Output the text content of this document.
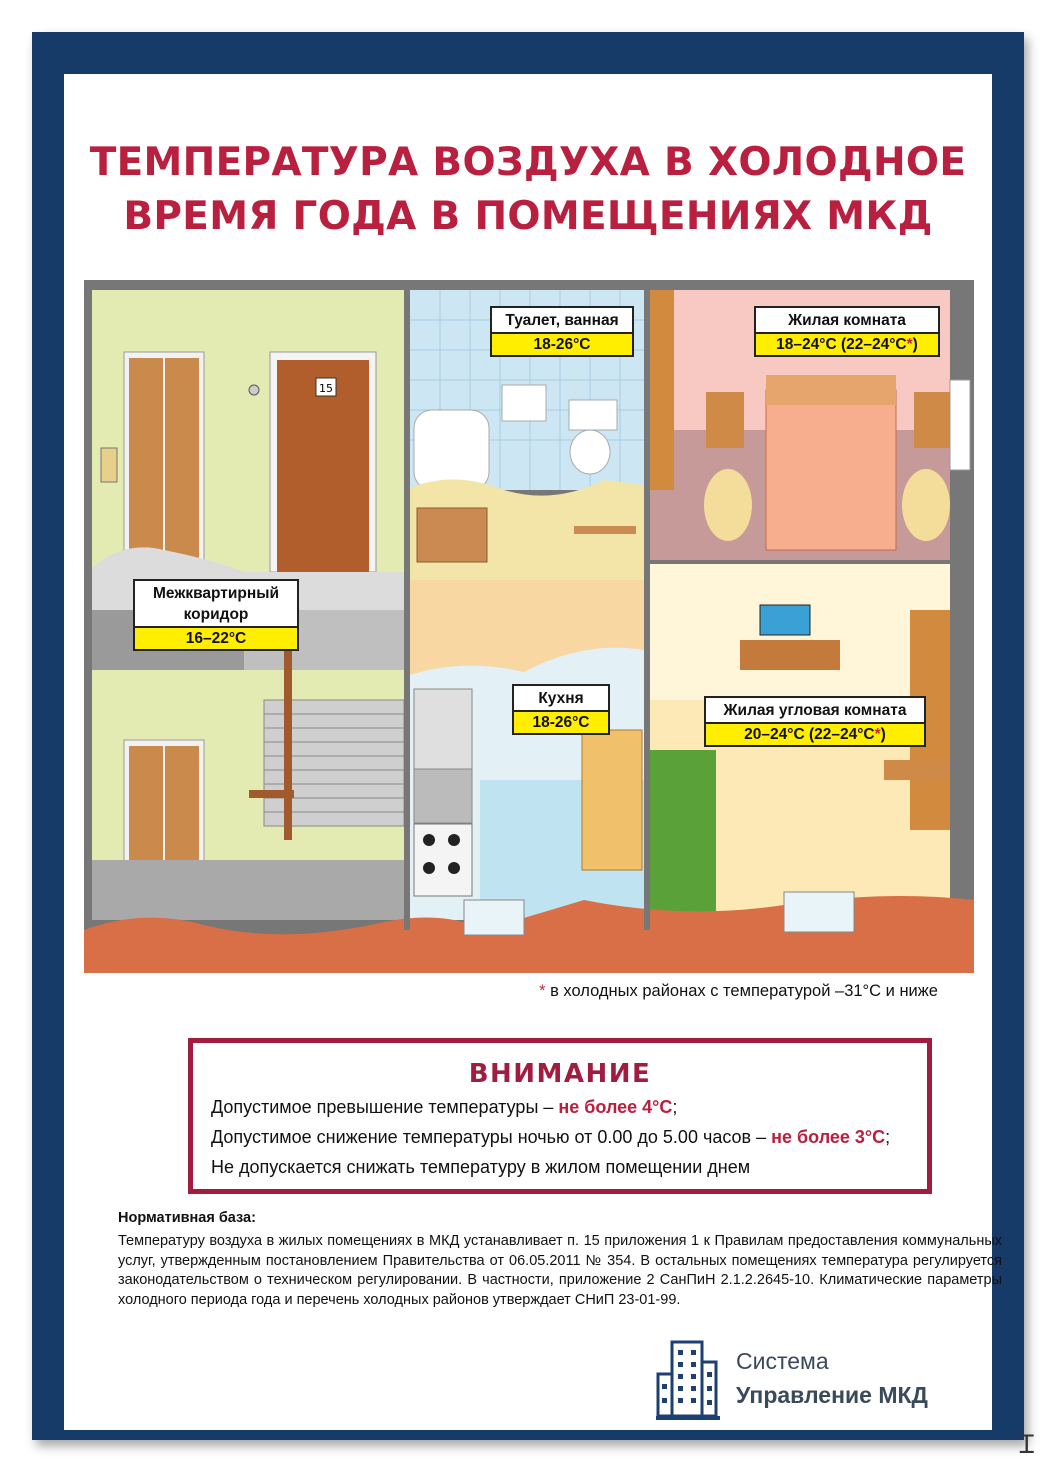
ТЕМПЕРАТУРА ВОЗДУХА В ХОЛОДНОЕ
ВРЕМЯ ГОДА В ПОМЕЩЕНИЯХ МКД
15
Межквартирный
коридор
16–22°C
Туалет, ванная
18-26°C
Жилая комната
18–24°C (22–24°C*)
Кухня
18-26°C
Жилая угловая комната
20–24°C (22–24°C*)
* в холодных районах с температурой –31°C и ниже
ВНИМАНИЕ
Допустимое превышение температуры – не более 4°С;
Допустимое снижение температуры ночью от 0.00 до 5.00 часов – не более 3°С;
Не допускается снижать температуру в жилом помещении днем
Нормативная база:
Температуру воздуха в жилых помещениях в МКД устанавливает п. 15 приложения 1 к Правилам предоставления коммунальных услуг, утвержденным постановлением Правительства от 06.05.2011 № 354. В остальных помещениях температура регулируется законодательством о техническом регулировании. В частности, приложение 2 СанПиН 2.1.2.2645-10. Климатические параметры холодного периода года и перечень холодных районов утверждает СНиП 23-01-99.
Система
Управление МКД
Ɪ
